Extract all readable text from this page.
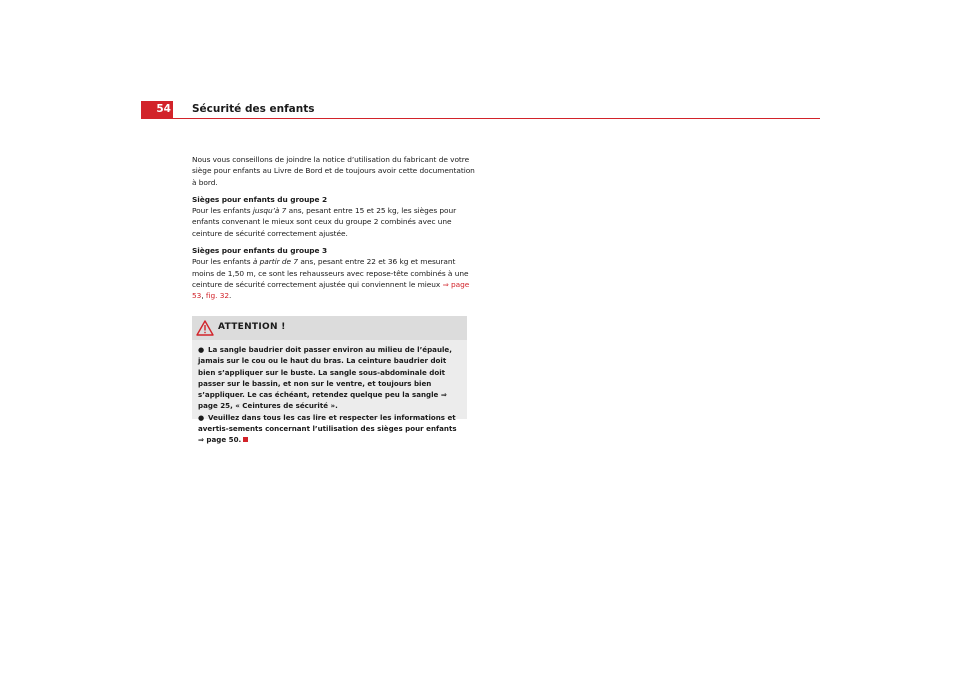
54 Sécurité des enfants

Nous vous conseillons de joindre la notice d’utilisation du fabricant de votre siège pour enfants au Livre de Bord et de toujours avoir cette documentation à bord.

Sièges pour enfants du groupe 2

Pour les enfants jusqu’à 7 ans, pesant entre 15 et 25 kg, les sièges pour enfants convenant le mieux sont ceux du groupe 2 combinés avec une ceinture de sécurité correctement ajustée.

Sièges pour enfants du groupe 3

Pour les enfants à partir de 7 ans, pesant entre 22 et 36 kg et mesurant moins de 1,50 m, ce sont les rehausseurs avec repose-tête combinés à une ceinture de sécurité correctement ajustée qui conviennent le mieux ⇒ page 53, fig. 32.

ATTENTION !

● La sangle baudrier doit passer environ au milieu de l’épaule, jamais sur le cou ou le haut du bras. La ceinture baudrier doit bien s’appliquer sur le buste. La sangle sous-abdominale doit passer sur le bassin, et non sur le ventre, et toujours bien s’appliquer. Le cas échéant, retendez quelque peu la sangle ⇒ page 25, « Ceintures de sécurité ».

● Veuillez dans tous les cas lire et respecter les informations et avertis-sements concernant l’utilisation des sièges pour enfants ⇒ page 50.
